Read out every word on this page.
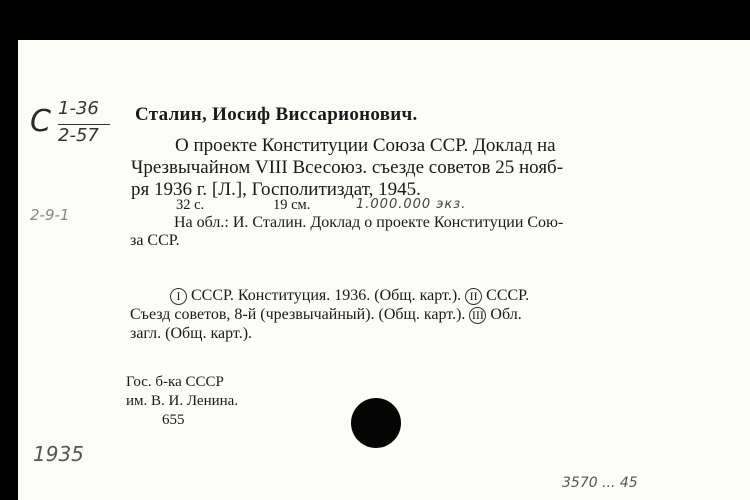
С 1-36
2-57
Сталин, Иосиф Виссарионович.
О проекте Конституции Союза ССР. Доклад на
Чрезвычайном VIII Всесоюз. съезде советов 25 нояб-
ря 1936 г. [Л.], Госполитиздат, 1945.
32 с.	19 см.	1.000.000 экз.
2-9-1	На обл.: И. Сталин. Доклад о проекте Конституции Сою-
за ССР.
I СССР. Конституция. 1936. (Общ. карт.). II СССР.
Съезд советов, 8-й (чрезвычайный). (Общ. карт.). III Обл.
загл. (Общ. карт.).
Гос. б-ка СССР
им. В. И. Ленина.
655
1935
3570 ... 45
